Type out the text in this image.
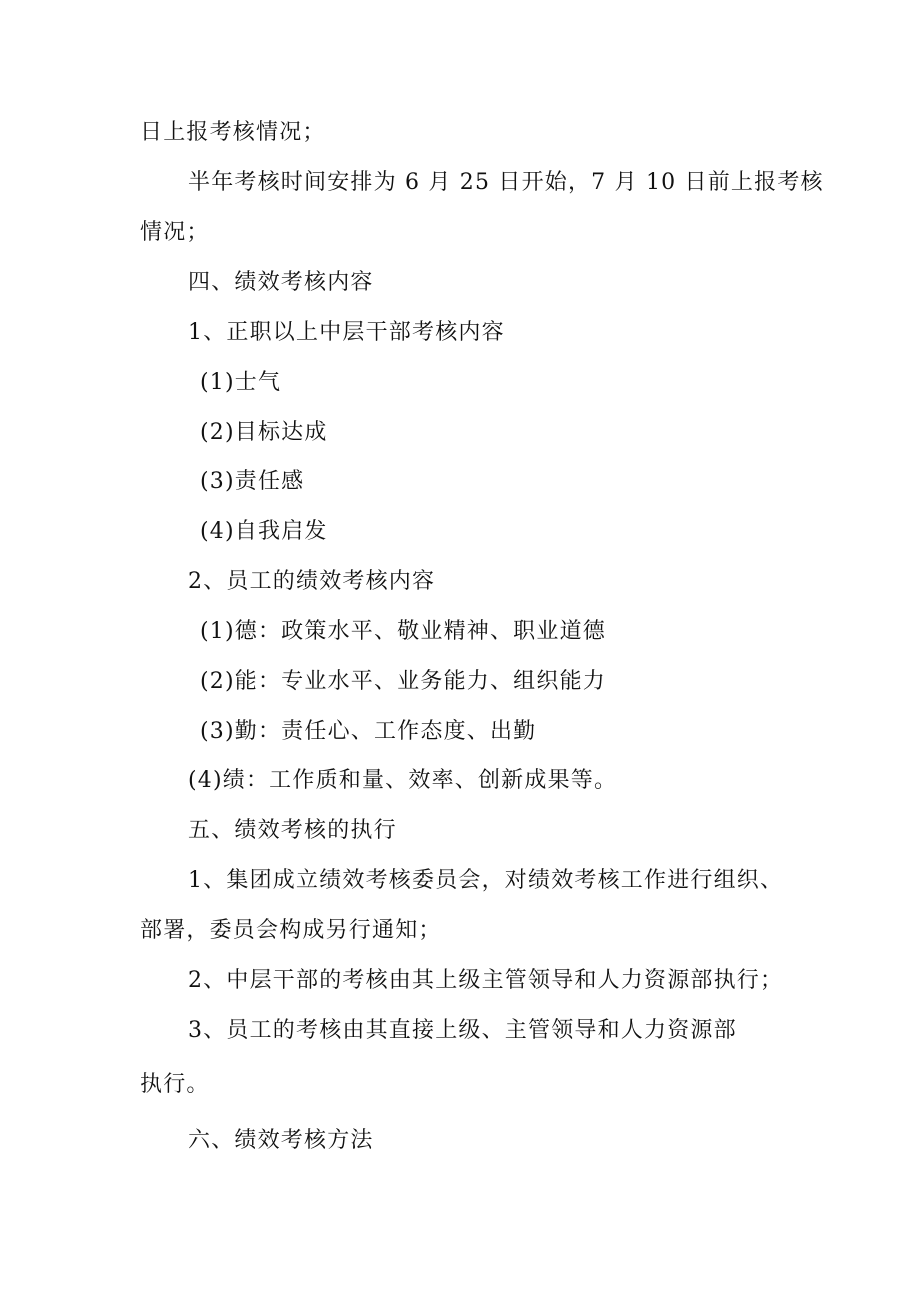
日上报考核情况；
半年考核时间安排为 6 月 25 日开始，7 月 10 日前上报考核
情况；
四、绩效考核内容
1、正职以上中层干部考核内容
(1)士气
(2)目标达成
(3)责任感
(4)自我启发
2、员工的绩效考核内容
(1)德：政策水平、敬业精神、职业道德
(2)能：专业水平、业务能力、组织能力
(3)勤：责任心、工作态度、出勤
(4)绩：工作质和量、效率、创新成果等。
五、绩效考核的执行
1、集团成立绩效考核委员会，对绩效考核工作进行组织、
部署，委员会构成另行通知；
2、中层干部的考核由其上级主管领导和人力资源部执行；
3、员工的考核由其直接上级、主管领导和人力资源部
执行。
六、绩效考核方法
